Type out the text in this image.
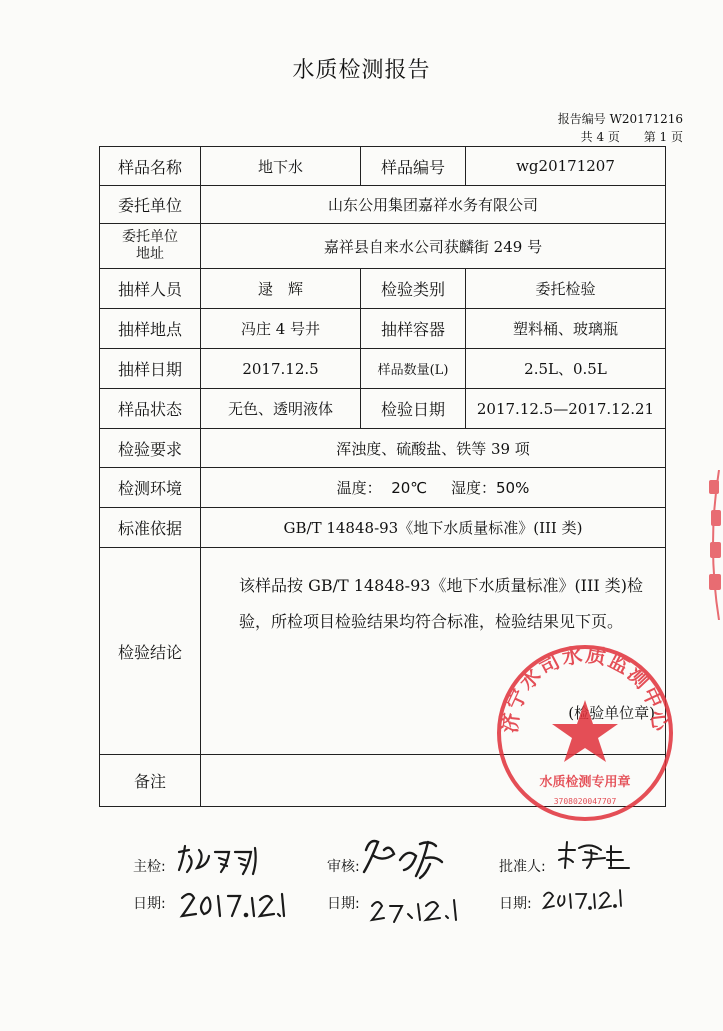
水质检测报告
报告编号 W20171216
共 4 页 第 1 页
样品名称	地下水	样品编号	wg20171207
委托单位	山东公用集团嘉祥水务有限公司		

委托单位
地址	嘉祥县自来水公司获麟街 249 号		
抽样人员	逯　辉	检验类别	委托检验
抽样地点	冯庄 4 号井	抽样容器	塑料桶、玻璃瓶
抽样日期	2017.12.5	样品数量(L)	2.5L、0.5L
样品状态	无色、透明液体	检验日期	2017.12.5—2017.12.21
检验要求	浑浊度、硫酸盐、铁等 39 项		
检测环境	温度：  20℃     湿度：50%		
标准依据	GB/T 14848-93《地下水质量标准》(III 类)		
检验结论	该样品按 GB/T 14848-93《地下水质量标准》(III 类)检验，所检项目检验结果均符合标准，检验结果见下页。
(检验单位章)		

备注			
主检:	审核:	批准人:
日期:	日期:	日期:
济宁水司水质监测中心
水质检测专用章
3708020047707
